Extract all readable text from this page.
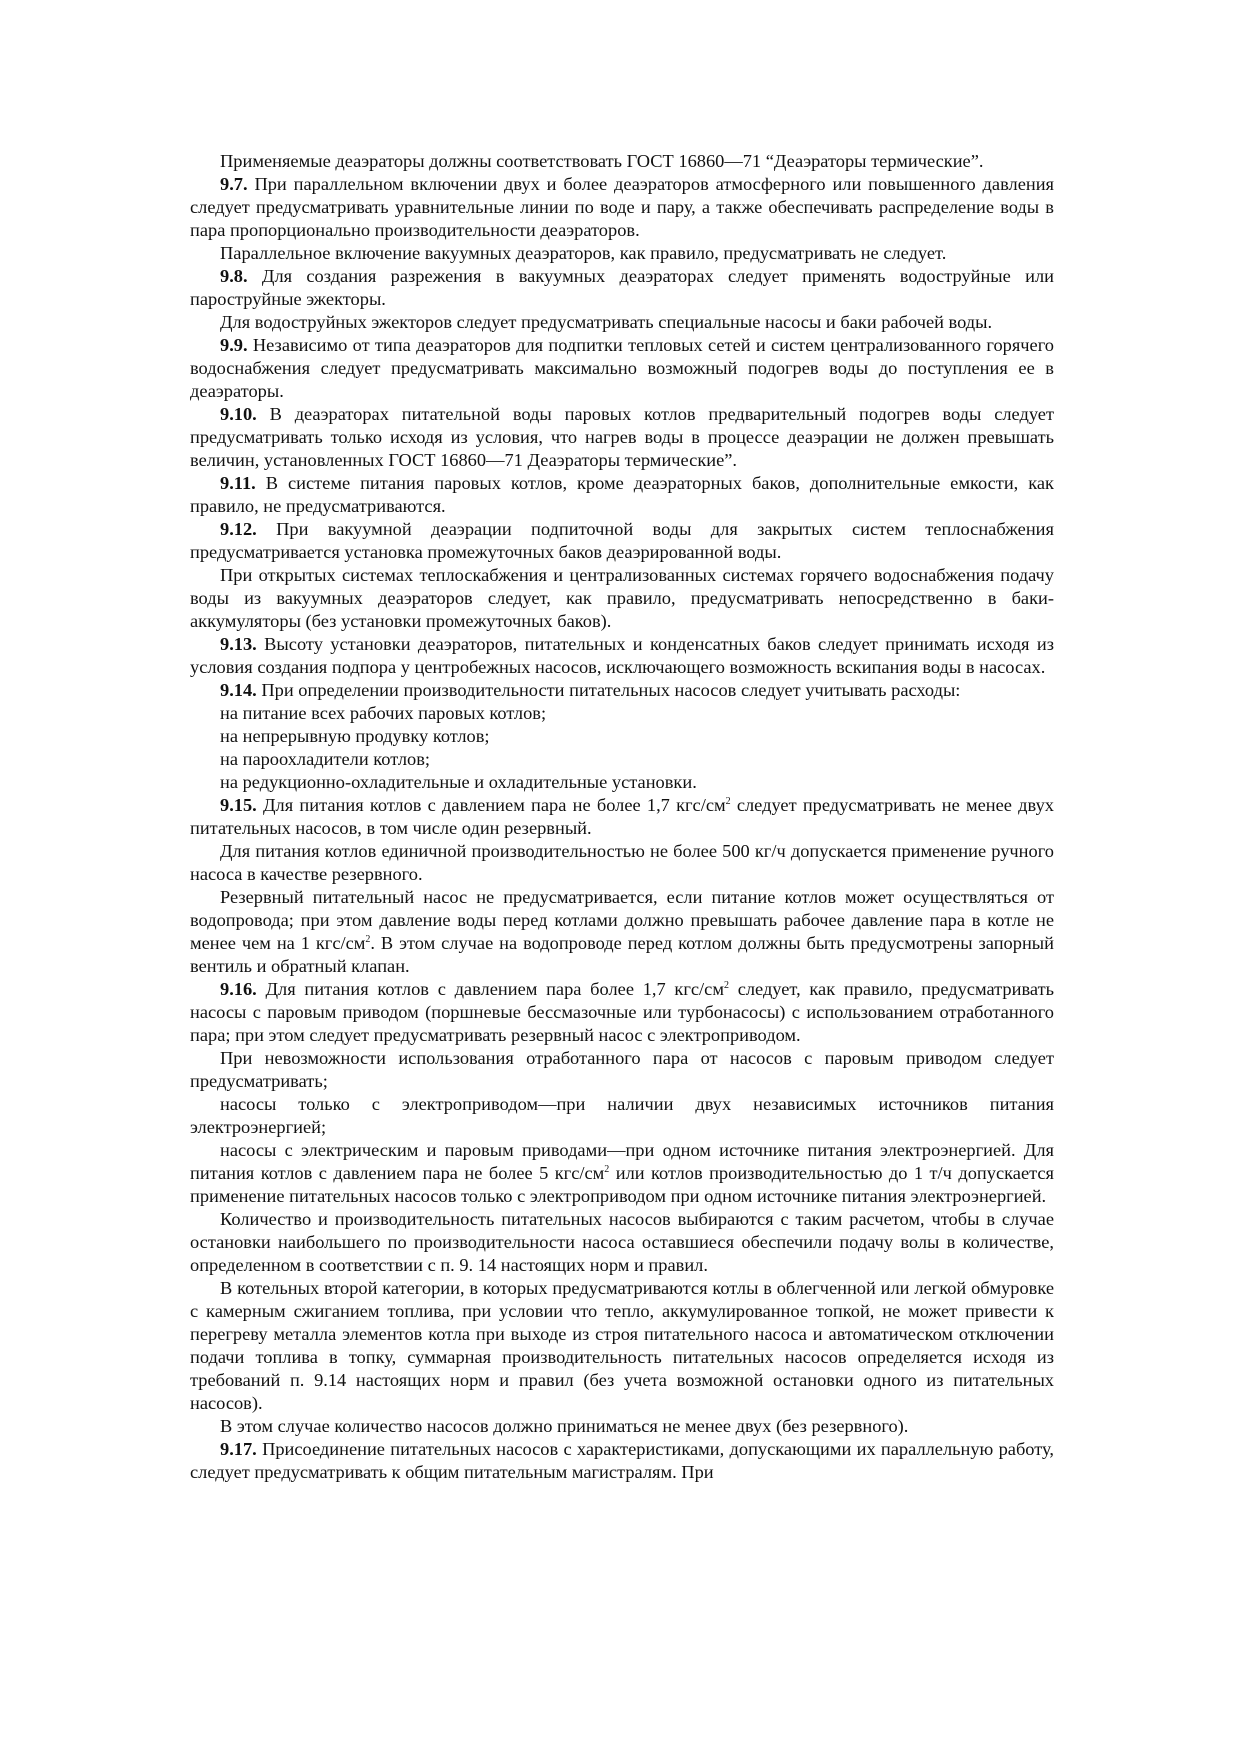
Применяемые деаэраторы должны соответствовать ГОСТ 16860—71 “Деаэраторы термические”.

9.7. При параллельном включении двух и более деаэраторов атмосферного или повышенного давления следует предусматривать уравнительные линии по воде и пару, а также обеспечивать распределение воды в пара пропорционально производительности деаэраторов.

Параллельное включение вакуумных деаэраторов, как правило, предусматривать не следует.

9.8. Для создания разрежения в вакуумных деаэраторах следует применять водоструйные или пароструйные эжекторы.

Для водоструйных эжекторов следует предусматривать специальные насосы и баки рабочей воды.

9.9. Независимо от типа деаэраторов для подпитки тепловых сетей и систем централизованного горячего водоснабжения следует предусматривать максимально возможный подогрев воды до поступления ее в деаэраторы.

9.10. В деаэраторах питательной воды паровых котлов предварительный подогрев воды следует предусматривать только исходя из условия, что нагрев воды в процессе деаэрации не должен превышать величин, установленных ГОСТ 16860—71 Деаэраторы термические”.

9.11. В системе питания паровых котлов, кроме деаэраторных баков, дополнительные емкости, как правило, не предусматриваются.

9.12. При вакуумной деаэрации подпиточной воды для закрытых систем теплоснабжения предусматривается установка промежуточных баков деаэрированной воды.

При открытых системах теплоскабжения и централизованных системах горячего водоснабжения подачу воды из вакуумных деаэраторов следует, как правило, предусматривать непосредственно в баки-аккумуляторы (без установки промежуточных баков).

9.13. Высоту установки деаэраторов, питательных и конденсатных баков следует принимать исходя из условия создания подпора у центробежных насосов, исключающего возможность вскипания воды в насосах.

9.14. При определении производительности питательных насосов следует учитывать расходы:

на питание всех рабочих паровых котлов;

на непрерывную продувку котлов;

на пароохладители котлов;

на редукционно-охладительные и охладительные установки.

9.15. Для питания котлов с давлением пара не более 1,7 кгс/$см^2$ следует предусматривать не менее двух питательных насосов, в том числе один резервный.

Для питания котлов единичной производительностью не более 500 кг/ч допускается применение ручного насоса в качестве резервного.

Резервный питательный насос не предусматривается, если питание котлов может осуществляться от водопровода; при этом давление воды перед котлами должно превышать рабочее давление пара в котле не менее чем на 1 кгс/$см^2$. В этом случае на водопроводе перед котлом должны быть предусмотрены запорный вентиль и обратный клапан.

9.16. Для питания котлов с давлением пара более 1,7 кгс/$см^2$ следует, как правило, предусматривать насосы с паровым приводом (поршневые бессмазочные или турбонасосы) с использованием отработанного пара; при этом следует предусматривать резервный насос с электроприводом.

При невозможности использования отработанного пара от насосов с паровым приводом следует предусматривать;

насосы только с электроприводом—при наличии двух независимых источников питания электроэнергией;

насосы с электрическим и паровым приводами—при одном источнике питания электроэнергией. Для питания котлов с давлением пара не более 5 кгс/$см^2$ или котлов производительностью до 1 т/ч допускается применение питательных насосов только с электроприводом при одном источнике питания электроэнергией.

Количество и производительность питательных насосов выбираются с таким расчетом, чтобы в случае остановки наибольшего по производительности насоса оставшиеся обеспечили подачу волы в количестве, определенном в соответствии с п. 9. 14 настоящих норм и правил.

В котельных второй категории, в которых предусматриваются котлы в облегченной или легкой обмуровке с камерным сжиганием топлива, при условии что тепло, аккумулированное топкой, не может привести к перегреву металла элементов котла при выходе из строя питательного насоса и автоматическом отключении подачи топлива в топку, суммарная производительность питательных насосов определяется исходя из требований п. 9.14 настоящих норм и правил (без учета возможной остановки одного из питательных насосов).

В этом случае количество насосов должно приниматься не менее двух (без резервного).

9.17. Присоединение питательных насосов с характеристиками, допускающими их параллельную работу, следует предусматривать к общим питательным магистралям. При
